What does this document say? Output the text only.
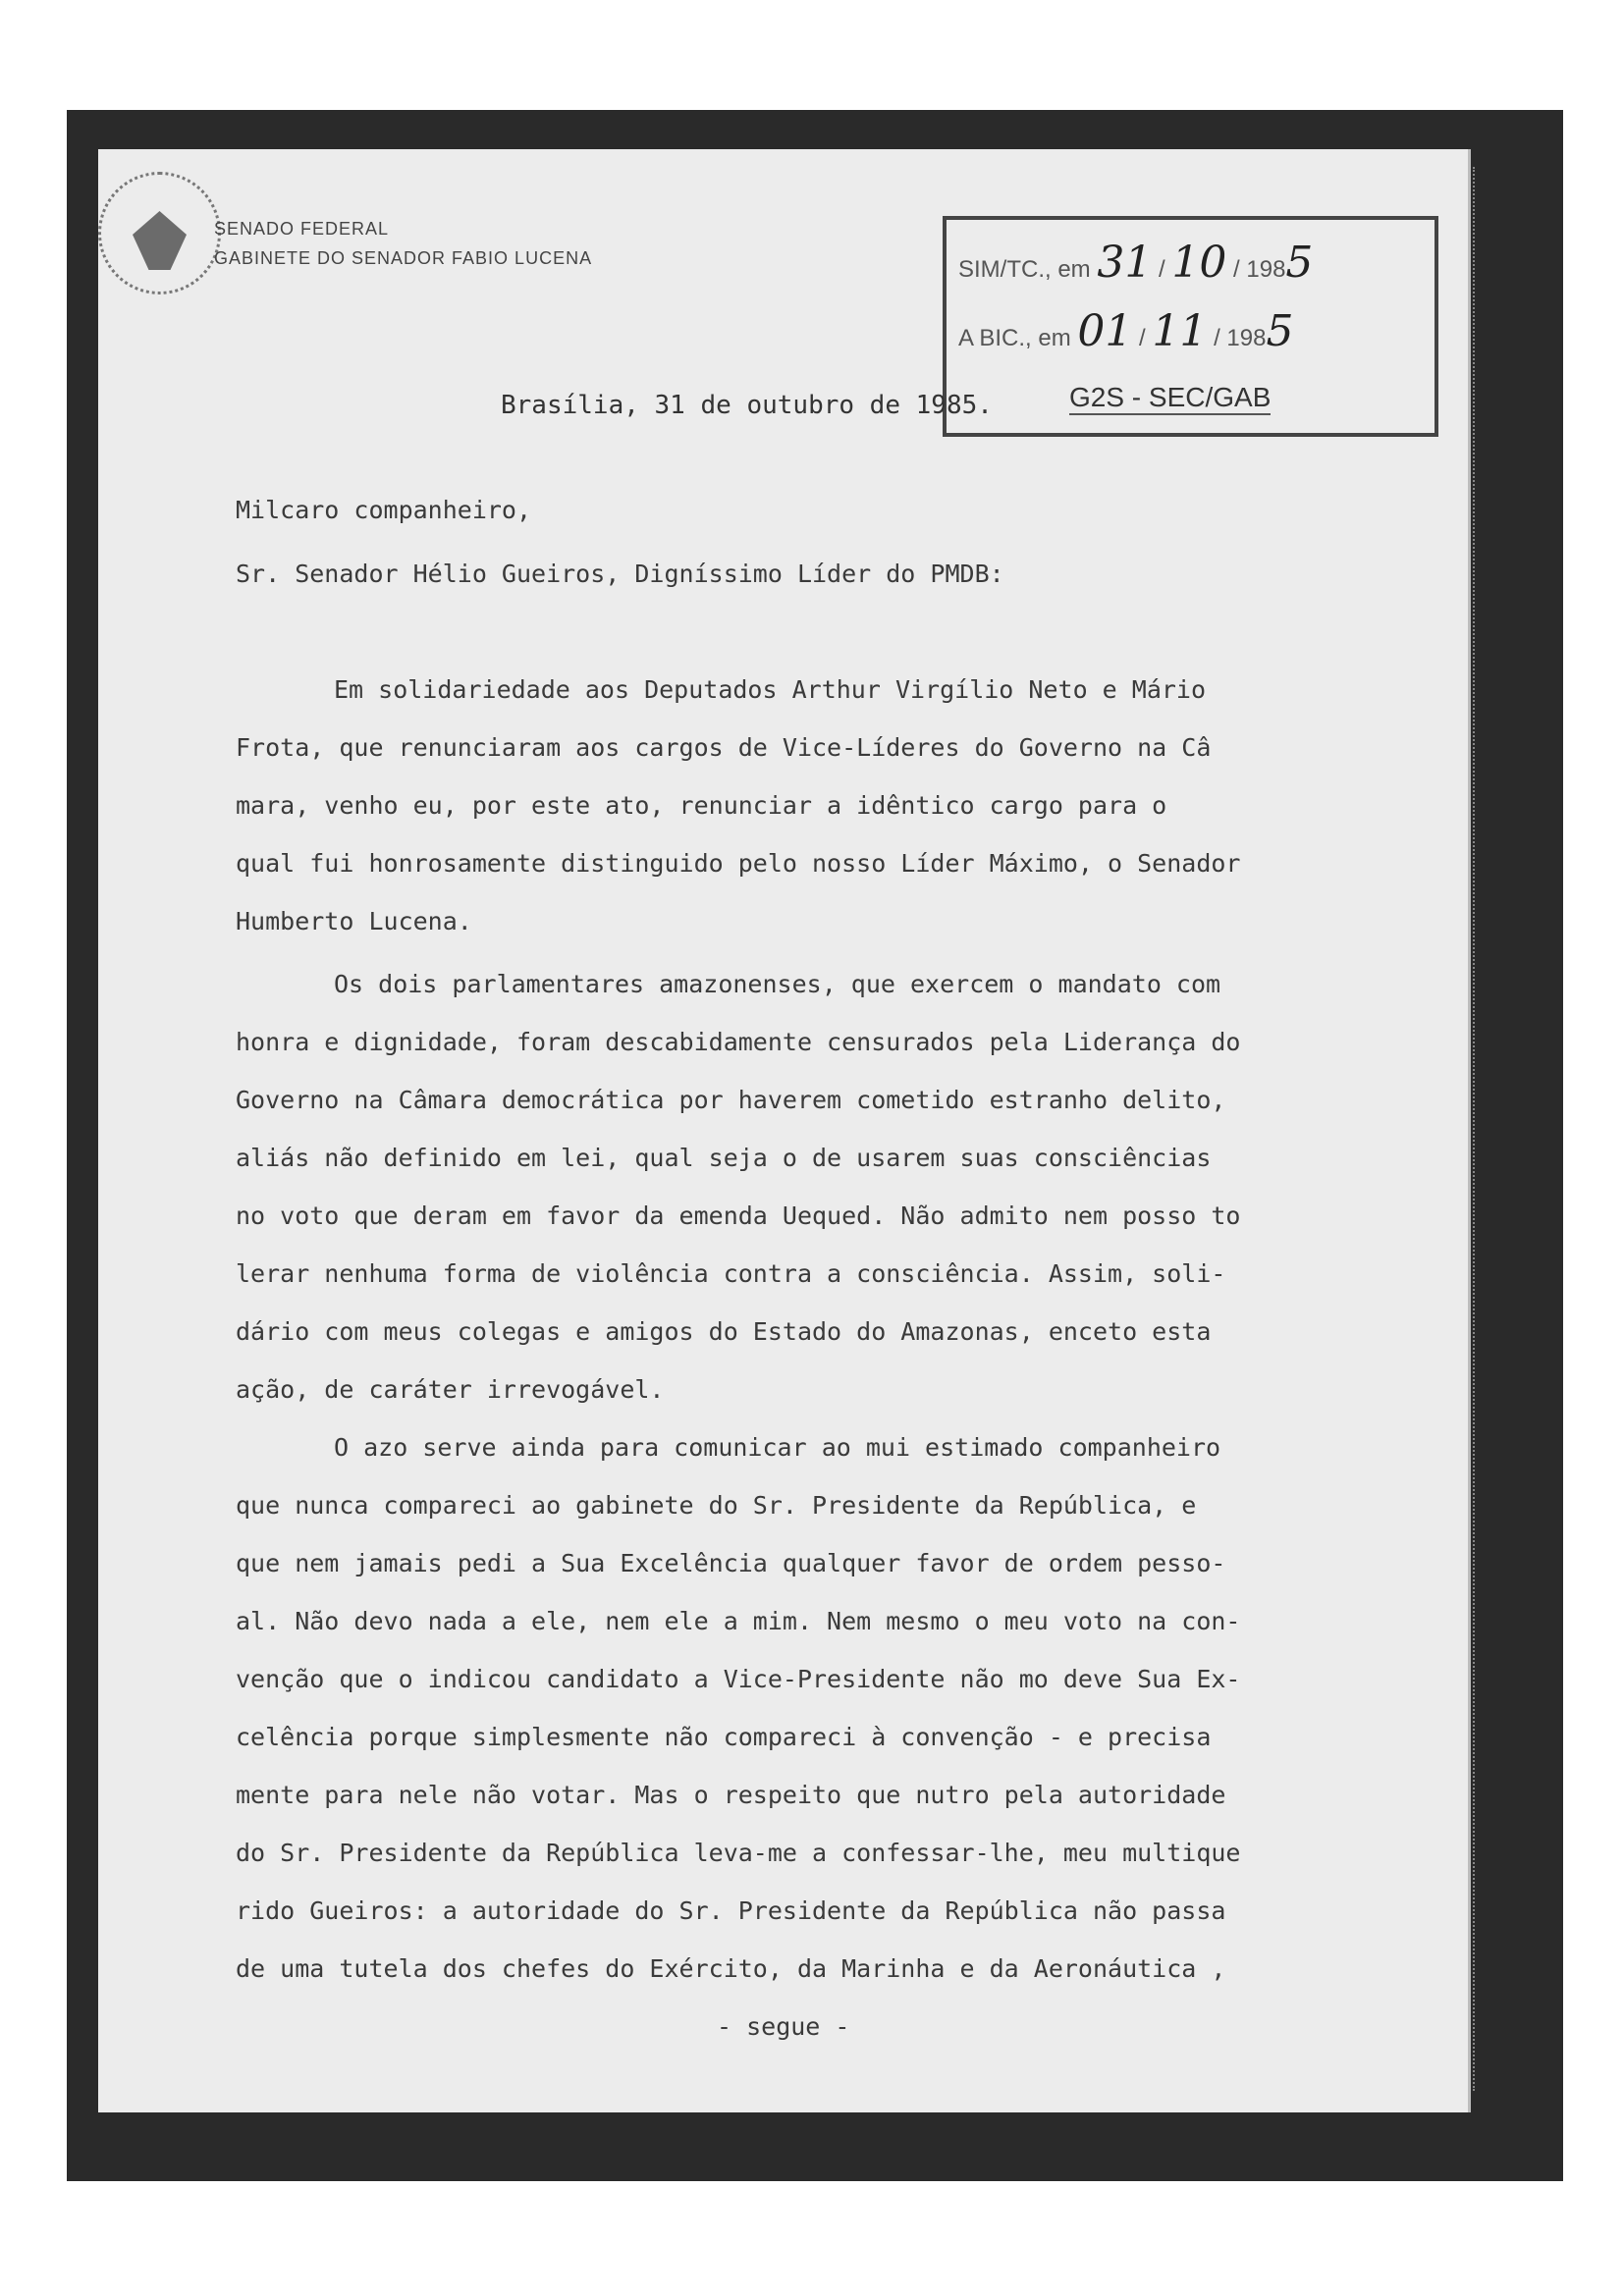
SENADO FEDERAL
GABINETE DO SENADOR FABIO LUCENA	SIM/TC., em 31 / 10 / 1985
A BIC., em 01 / 11 / 1985
G2S - SEC/GAB
Brasília, 31 de outubro de 1985.
Milcaro companheiro,
Sr. Senador Hélio Gueiros, Digníssimo Líder do PMDB:
Em solidariedade aos Deputados Arthur Virgílio Neto e Mário
Frota, que renunciaram aos cargos de Vice-Líderes do Governo na Câ
mara, venho eu, por este ato, renunciar a idêntico cargo para o
qual fui honrosamente distinguido pelo nosso Líder Máximo, o Senador
Humberto Lucena.
Os dois parlamentares amazonenses, que exercem o mandato com
honra e dignidade, foram descabidamente censurados pela Liderança do
Governo na Câmara democrática por haverem cometido estranho delito,
aliás não definido em lei, qual seja o de usarem suas consciências
no voto que deram em favor da emenda Uequed. Não admito nem posso to
lerar nenhuma forma de violência contra a consciência. Assim, soli-
dário com meus colegas e amigos do Estado do Amazonas, enceto esta
ação, de caráter irrevogável.
O azo serve ainda para comunicar ao mui estimado companheiro
que nunca compareci ao gabinete do Sr. Presidente da República, e
que nem jamais pedi a Sua Excelência qualquer favor de ordem pesso-
al. Não devo nada a ele, nem ele a mim. Nem mesmo o meu voto na con-
venção que o indicou candidato a Vice-Presidente não mo deve Sua Ex-
celência porque simplesmente não compareci à convenção - e precisa
mente para nele não votar. Mas o respeito que nutro pela autoridade
do Sr. Presidente da República leva-me a confessar-lhe, meu multique
rido Gueiros: a autoridade do Sr. Presidente da República não passa
de uma tutela dos chefes do Exército, da Marinha e da Aeronáutica ,
- segue -
